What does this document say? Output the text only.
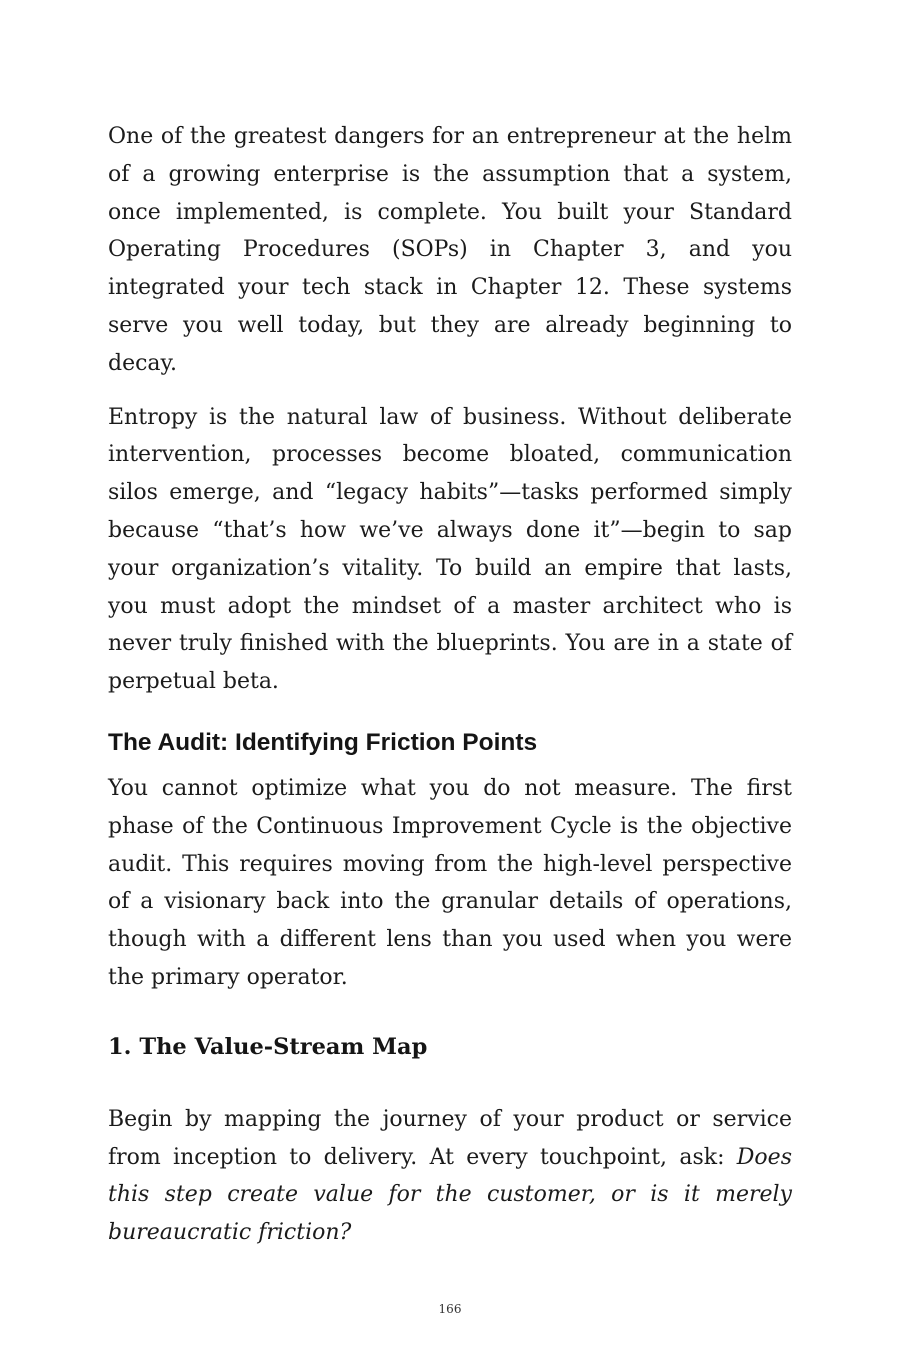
One of the greatest dangers for an entrepreneur at the helm of a growing enterprise is the assumption that a system, once implemented, is complete. You built your Standard Operating Procedures (SOPs) in Chapter 3, and you integrated your tech stack in Chapter 12. These systems serve you well today, but they are already beginning to decay.

Entropy is the natural law of business. Without deliberate intervention, processes become bloated, communication silos emerge, and “legacy habits”—tasks performed simply because “that’s how we’ve always done it”—begin to sap your organization’s vitality. To build an empire that lasts, you must adopt the mindset of a master architect who is never truly finished with the blueprints. You are in a state of perpetual beta.

The Audit: Identifying Friction Points

You cannot optimize what you do not measure. The first phase of the Continuous Improvement Cycle is the objective audit. This requires moving from the high-level perspective of a visionary back into the granular details of operations, though with a different lens than you used when you were the primary operator.

1. The Value-Stream Map

Begin by mapping the journey of your product or service from inception to delivery. At every touchpoint, ask: Does this step create value for the customer, or is it merely bureaucratic friction?

166
